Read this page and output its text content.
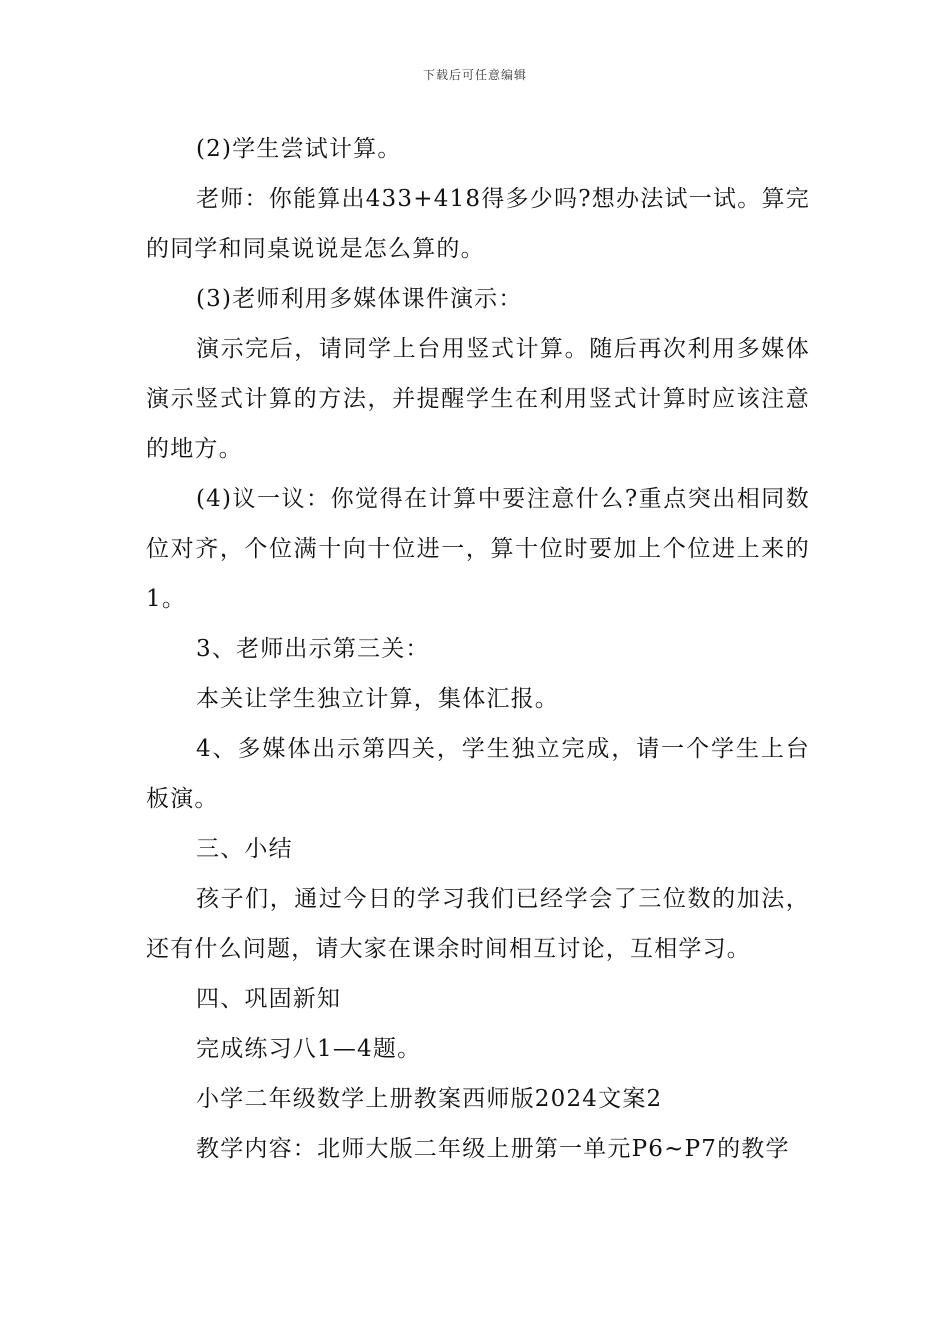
下载后可任意编辑

(2)学生尝试计算。

老师：你能算出433+418得多少吗?想办法试一试。算完的同学和同桌说说是怎么算的。

(3)老师利用多媒体课件演示：

演示完后，请同学上台用竖式计算。随后再次利用多媒体演示竖式计算的方法，并提醒学生在利用竖式计算时应该注意的地方。

(4)议一议：你觉得在计算中要注意什么?重点突出相同数位对齐，个位满十向十位进一，算十位时要加上个位进上来的1。

3、老师出示第三关：

本关让学生独立计算，集体汇报。

4、多媒体出示第四关，学生独立完成，请一个学生上台板演。

三、小结

孩子们，通过今日的学习我们已经学会了三位数的加法，还有什么问题，请大家在课余时间相互讨论，互相学习。

四、巩固新知

完成练习八1—4题。

小学二年级数学上册教案西师版2024文案2

教学内容：北师大版二年级上册第一单元P6~P7的教学
